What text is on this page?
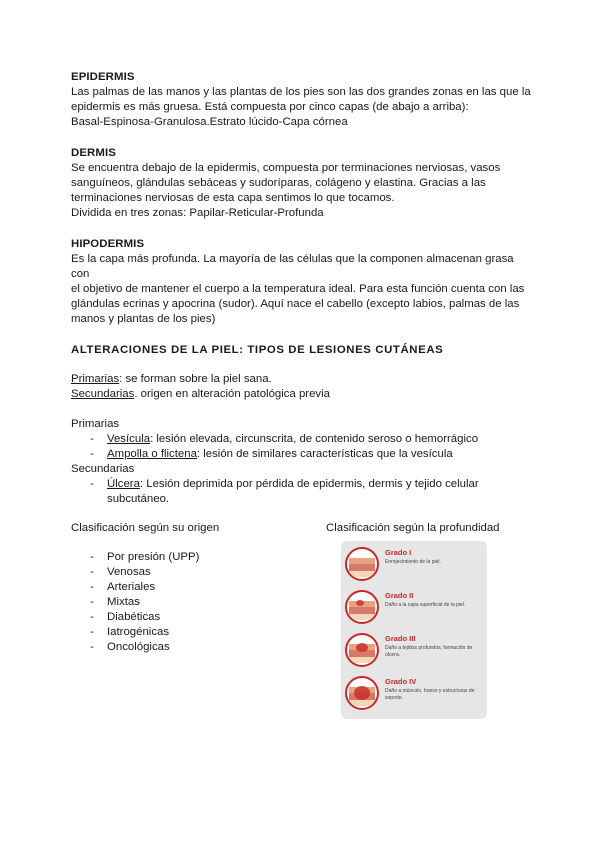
EPIDERMIS

Las palmas de las manos y las plantas de los pies son las dos grandes zonas en las que la

epidermis es más gruesa. Está compuesta por cinco capas (de abajo a arriba):

Basal-Espinosa-Granulosa.Estrato lúcido-Capa córnea

DERMIS

Se encuentra debajo de la epidermis, compuesta por terminaciones nerviosas, vasos

sanguíneos, glándulas sebáceas y sudoríparas, colágeno y elastina. Gracias a las

terminaciones nerviosas de esta capa sentimos lo que tocamos.

Dividida en tres zonas: Papilar-Reticular-Profunda

HIPODERMIS

Es la capa más profunda. La mayoría de las células que la componen almacenan grasa con

el objetivo de mantener el cuerpo a la temperatura ideal. Para esta función cuenta con las

glándulas ecrinas y apocrina (sudor). Aquí nace el cabello (excepto labios, palmas de las

manos y plantas de los pies)

ALTERACIONES DE LA PIEL: TIPOS DE LESIONES CUTÁNEAS

Primarias: se forman sobre la piel sana.

Secundarias. origen en alteración patológica previa

Primarias

- Vesícula: lesión elevada, circunscrita, de contenido seroso o hemorrágico
- Ampolla o flictena: lesión de similares características que la vesícula

Secundarias

- Úlcera: Lesión deprimida por pérdida de epidermis, dermis y tejido celular
subcutáneo.

Clasificación según su origen

- Por presión (UPP)
- Venosas
- Arteriales
- Mixtas
- Diabéticas
- Iatrogénicas
- Oncológicas

Clasificación según la profundidad

Grado I
Enrojecimiento de la piel.
Grado II
Daño a la capa superficial de la piel.
Grado III
Daño a tejidos profundos, formación de úlcera.
Grado IV
Daño a músculo, hueso y estructuras de soporte.
